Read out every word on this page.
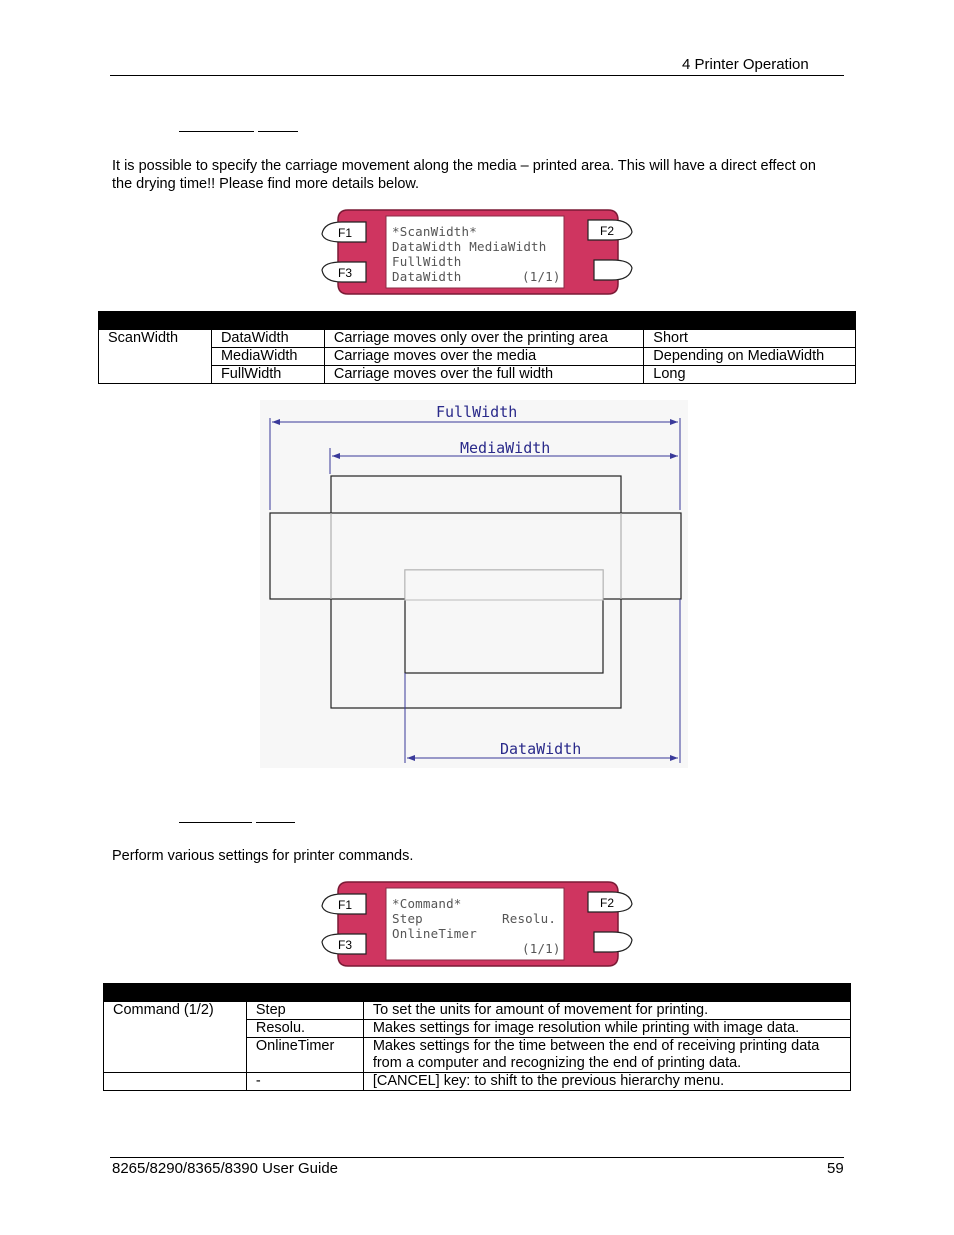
4 Printer Operation
It is possible to specify the carriage movement along the media – printed area. This will have a direct effect on the drying time!! Please find more details below.
F1
F3
F2
*ScanWidth*
DataWidth MediaWidth
FullWidth
DataWidth	(1/1)

ScanWidth	DataWidth	Carriage moves only over the printing area	Short
	MediaWidth	Carriage moves over the media	Depending on MediaWidth
	FullWidth	Carriage moves over the full width	Long
FullWidth
MediaWidth
DataWidth
Perform various settings for printer commands.
F1
F3
F2
*Command*
Step	Resolu.
OnlineTimer
(1/1)

Command (1/2)	Step	To set the units for amount of movement for printing.
	Resolu.	Makes settings for image resolution while printing with image data.
	OnlineTimer	Makes settings for the time between the end of receiving printing data from a computer and recognizing the end of printing data.
	-	[CANCEL] key: to shift to the previous hierarchy menu.
8265/8290/8365/8390 User Guide	59
